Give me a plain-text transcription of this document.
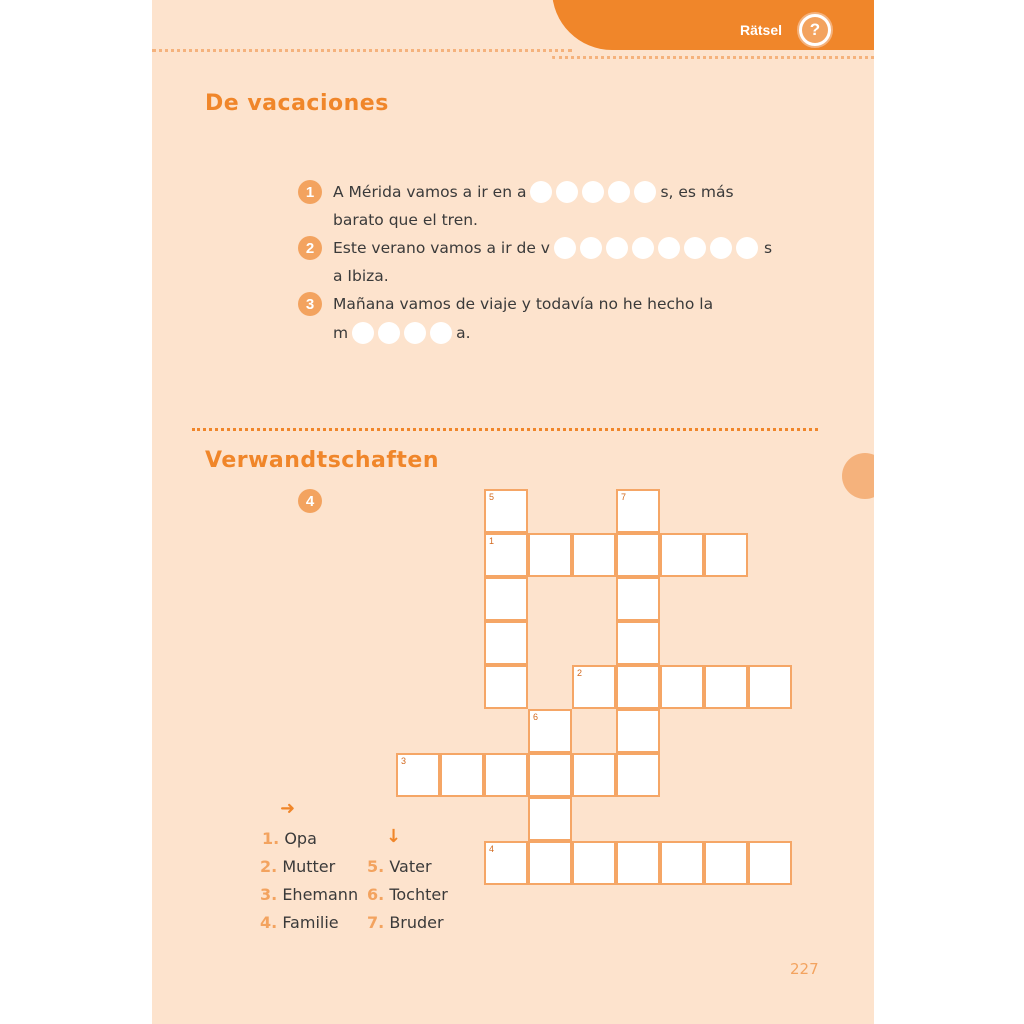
Rätsel	?
De vacaciones
1	A Mérida vamos a ir en a	s, es más
barato que el tren.
2	Este verano vamos a ir de v	s
a Ibiza.
3	Mañana vamos de viaje y todavía no he hecho la
m	a.
Verwandtschaften
4	5	7
1
2
6
3
4
➜
↓
1. Opa
2. Mutter
3. Ehemann
4. Familie
5. Vater
6. Tochter
7. Bruder
227
